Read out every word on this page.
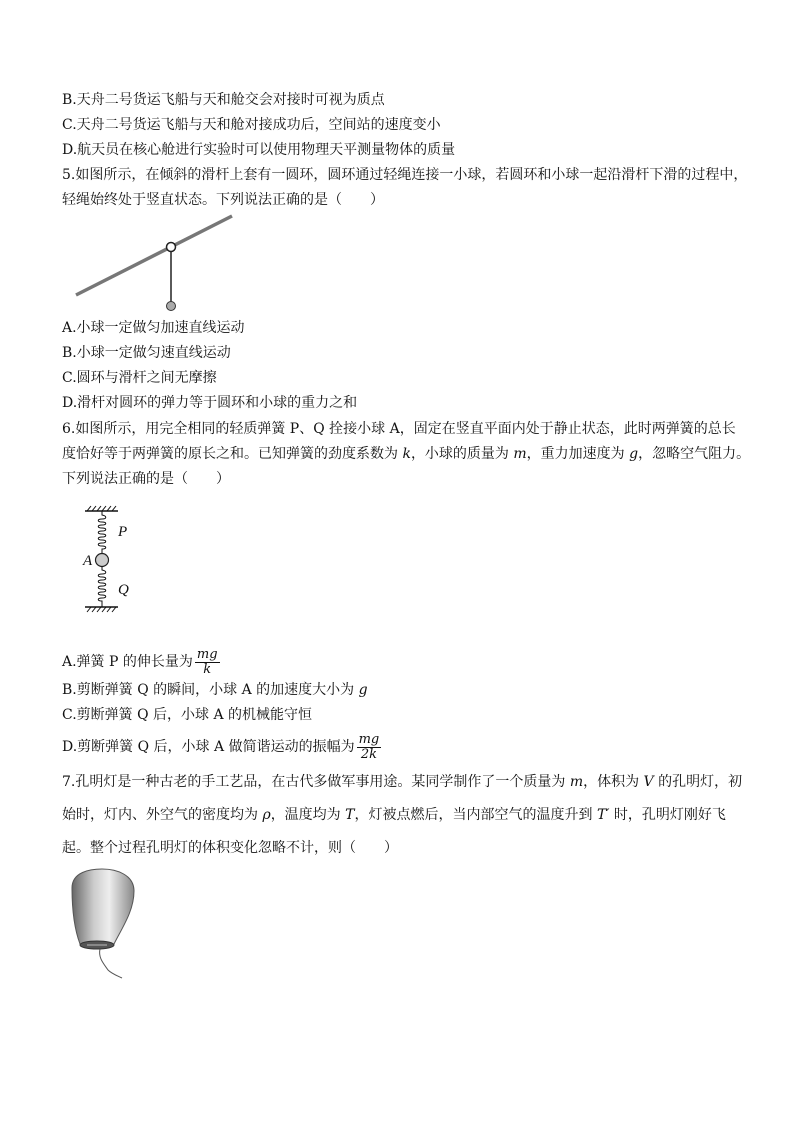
B.天舟二号货运飞船与天和舱交会对接时可视为质点
C.天舟二号货运飞船与天和舱对接成功后，空间站的速度变小
D.航天员在核心舱进行实验时可以使用物理天平测量物体的质量
5.如图所示，在倾斜的滑杆上套有一圆环，圆环通过轻绳连接一小球，若圆环和小球一起沿滑杆下滑的过程中，
轻绳始终处于竖直状态。下列说法正确的是（　　）
A.小球一定做匀加速直线运动
B.小球一定做匀速直线运动
C.圆环与滑杆之间无摩擦
D.滑杆对圆环的弹力等于圆环和小球的重力之和
6.如图所示，用完全相同的轻质弹簧 P、Q 拴接小球 A，固定在竖直平面内处于静止状态，此时两弹簧的总长
度恰好等于两弹簧的原长之和。已知弹簧的劲度系数为 k，小球的质量为 m，重力加速度为 g，忽略空气阻力。
下列说法正确的是（　　）
P
A
Q
A.弹簧 P 的伸长量为 $\frac{mg}{k}$
B.剪断弹簧 Q 的瞬间，小球 A 的加速度大小为 g
C.剪断弹簧 Q 后，小球 A 的机械能守恒
D.剪断弹簧 Q 后，小球 A 做简谐运动的振幅为 $\frac{mg}{2k}$
7.孔明灯是一种古老的手工艺品，在古代多做军事用途。某同学制作了一个质量为 m，体积为 V 的孔明灯，初
始时，灯内、外空气的密度均为 ρ，温度均为 T，灯被点燃后，当内部空气的温度升到 T′ 时，孔明灯刚好飞
起。整个过程孔明灯的体积变化忽略不计，则（　　）
